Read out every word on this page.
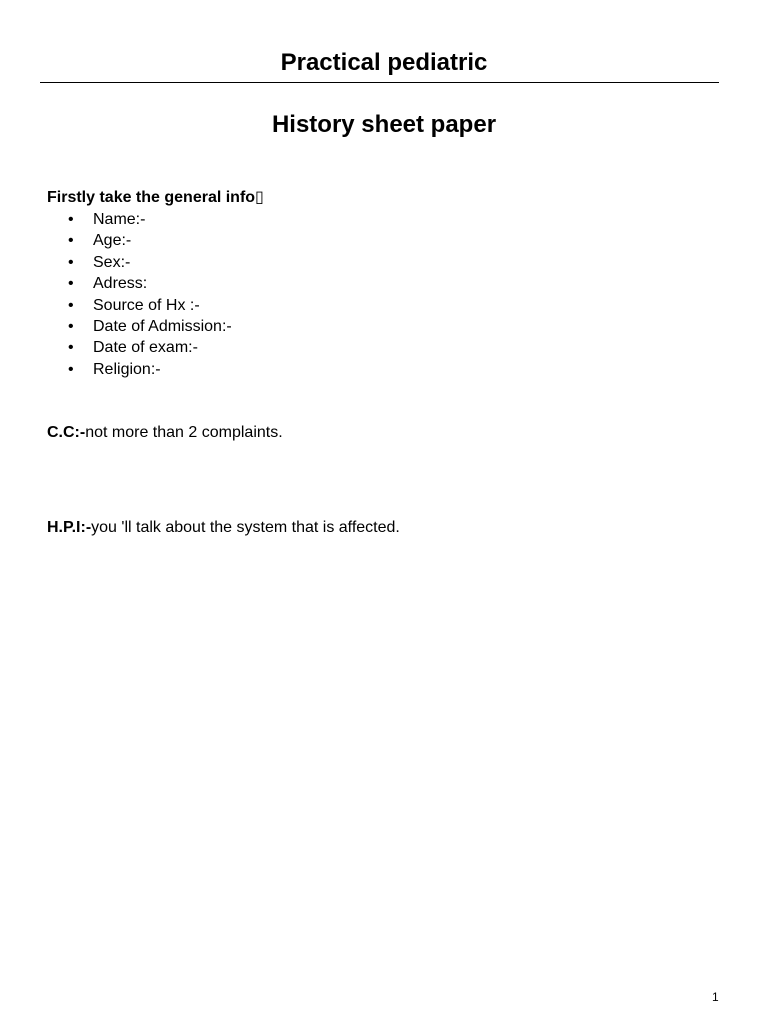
Practical pediatric
History sheet paper
Firstly take the general info▯
• Name:-
• Age:-
• Sex:-
• Adress:
• Source of Hx :-
• Date of Admission:-
• Date of exam:-
• Religion:-
C.C:-not more than 2 complaints.
H.P.I:-you 'll talk about the system that is affected.
1
